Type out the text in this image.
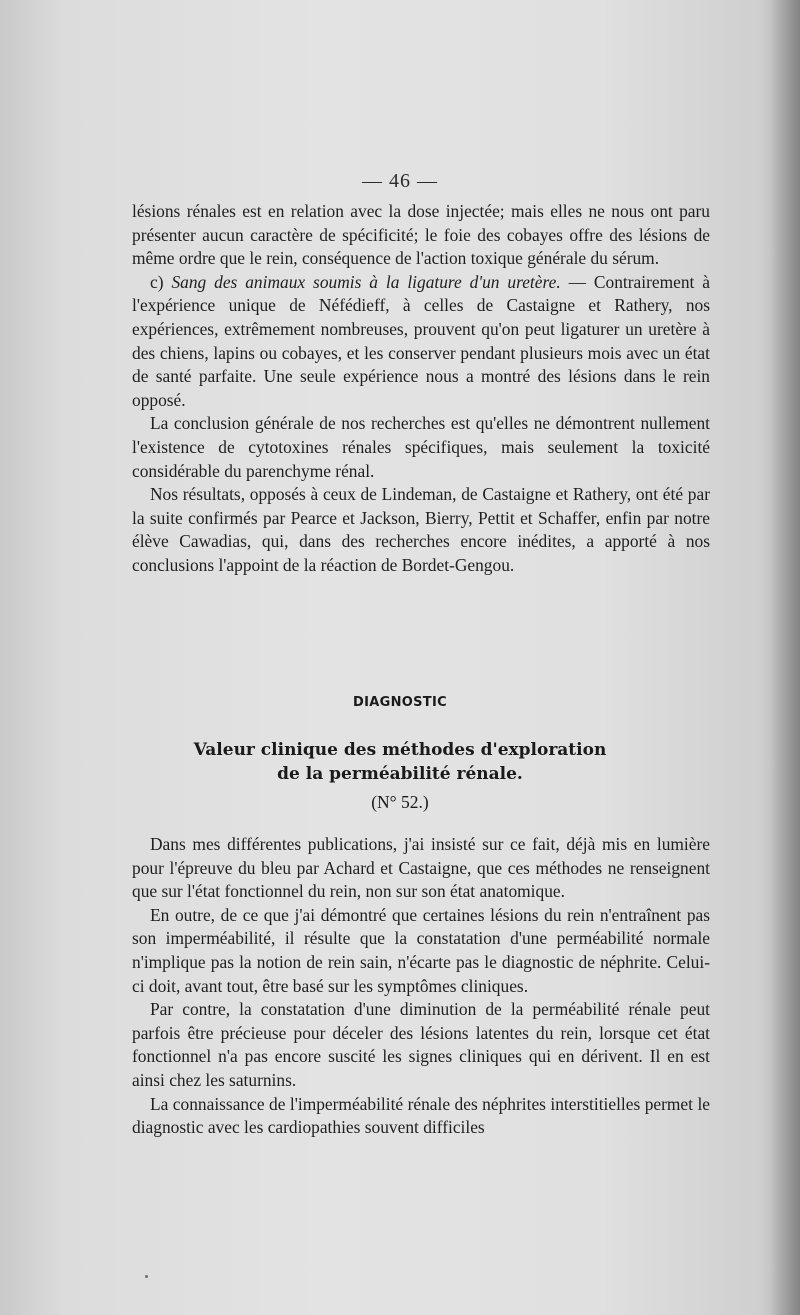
— 46 —

lésions rénales est en relation avec la dose injectée; mais elles ne nous ont paru présenter aucun caractère de spécificité; le foie des cobayes offre des lésions de même ordre que le rein, conséquence de l'action toxique générale du sérum.

c) Sang des animaux soumis à la ligature d'un uretère. — Contrairement à l'expérience unique de Néfédieff, à celles de Castaigne et Rathery, nos expériences, extrêmement nombreuses, prouvent qu'on peut ligaturer un uretère à des chiens, lapins ou cobayes, et les conserver pendant plusieurs mois avec un état de santé parfaite. Une seule expérience nous a montré des lésions dans le rein opposé.

La conclusion générale de nos recherches est qu'elles ne démontrent nullement l'existence de cytotoxines rénales spécifiques, mais seulement la toxicité considérable du parenchyme rénal.

Nos résultats, opposés à ceux de Lindeman, de Castaigne et Rathery, ont été par la suite confirmés par Pearce et Jackson, Bierry, Pettit et Schaffer, enfin par notre élève Cawadias, qui, dans des recherches encore inédites, a apporté à nos conclusions l'appoint de la réaction de Bordet-Gengou.

DIAGNOSTIC
Valeur clinique des méthodes d'exploration
de la perméabilité rénale.
(N° 52.)

Dans mes différentes publications, j'ai insisté sur ce fait, déjà mis en lumière pour l'épreuve du bleu par Achard et Castaigne, que ces méthodes ne renseignent que sur l'état fonctionnel du rein, non sur son état anatomique.

En outre, de ce que j'ai démontré que certaines lésions du rein n'entraînent pas son imperméabilité, il résulte que la constatation d'une perméabilité normale n'implique pas la notion de rein sain, n'écarte pas le diagnostic de néphrite. Celui-ci doit, avant tout, être basé sur les symptômes cliniques.

Par contre, la constatation d'une diminution de la perméabilité rénale peut parfois être précieuse pour déceler des lésions latentes du rein, lorsque cet état fonctionnel n'a pas encore suscité les signes cliniques qui en dérivent. Il en est ainsi chez les saturnins.

La connaissance de l'imperméabilité rénale des néphrites interstitielles permet le diagnostic avec les cardiopathies souvent difficiles
